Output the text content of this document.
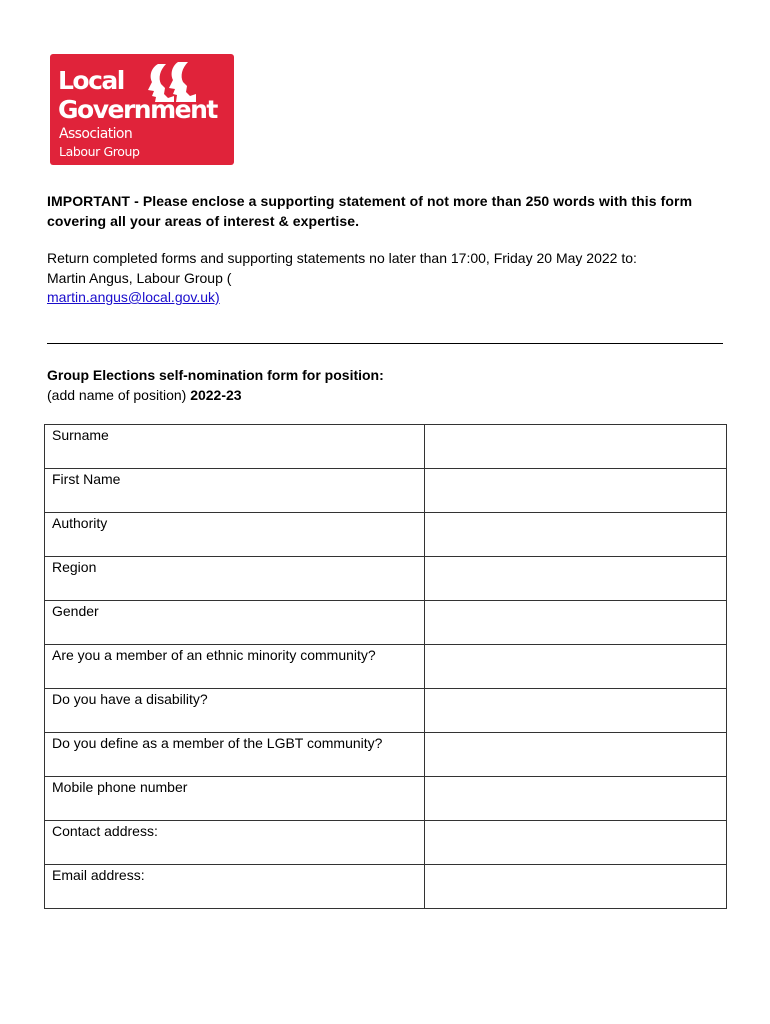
Local
Government
Association
Labour Group
IMPORTANT - Please enclose a supporting statement of not more than 250 words with this form covering all your areas of interest & expertise.
Return completed forms and supporting statements no later than 17:00, Friday 20 May 2022 to:
Martin Angus, Labour Group (
martin.angus@local.gov.uk)
Group Elections self-nomination form for position:
(add name of position) 2022-23
Surname	
First Name	
Authority	
Region	
Gender	
Are you a member of an ethnic minority community?	
Do you have a disability?	
Do you define as a member of the LGBT community?	
Mobile phone number	
Contact address:	
Email address:	
